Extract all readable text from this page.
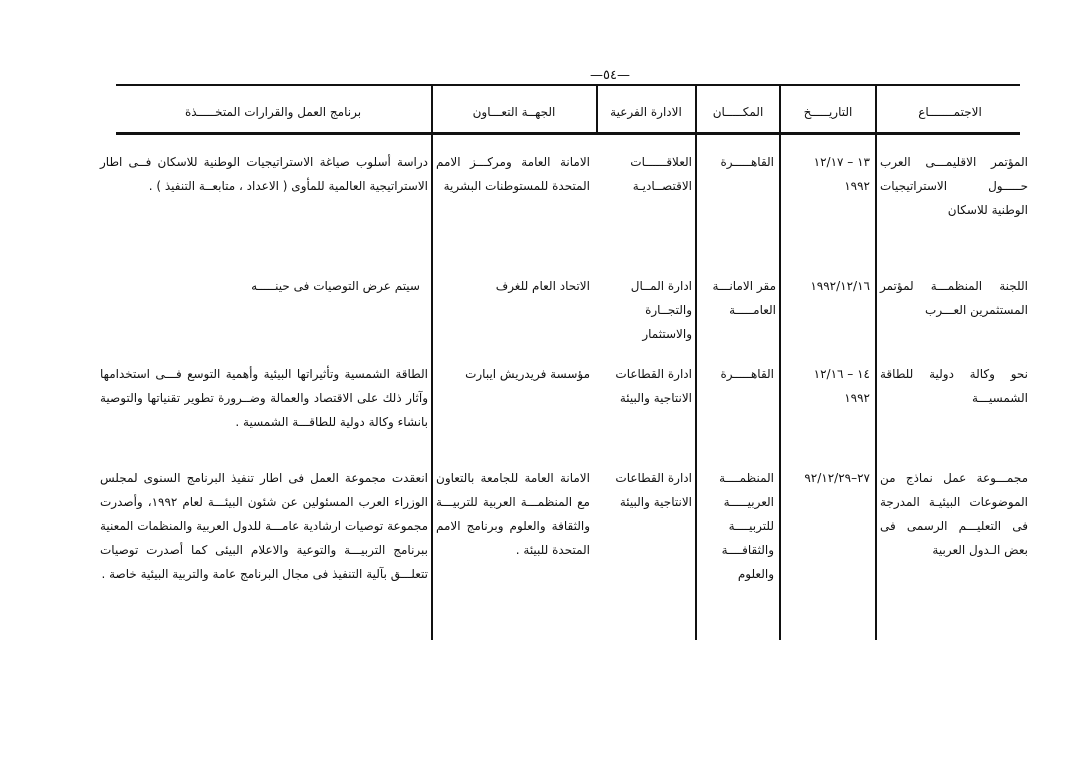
—٥٤—
الاجتمـــــــاع
التاريـــــخ
المكـــــان
الادارة الفرعية
الجهــة التعـــاون
برنامج العمل والقرارات المتخـــــذة
المؤتمر الاقليمـــى العرب حـــــول الاستراتيجيات الوطنية للاسكان
١٣ – ١٢/١٧ ١٩٩٢
القاهـــــرة
العلاقــــــات الاقتصــاديـة
الامانة العامة ومركـــز الامم المتحدة للمستوطنات البشرية
دراسة أسلوب صياغة الاستراتيجيات الوطنية للاسكان فــى اطار الاستراتيجية العالمية للمأوى ( الاعداد ، متابعــة التنفيذ ) .
اللجنة المنظمـــة لمؤتمر المستثمرين العـــرب
١٩٩٢/١٢/١٦
مقر الامانـــة العامـــــة
ادارة المــال والتجــارة والاستثمار
الاتحاد العام للغرف
سيتم عرض التوصيات فى حينـــــه
نحو وكالة دولية للطاقة الشمسيـــة
١٤ – ١٢/١٦ ١٩٩٢
القاهـــــرة
ادارة القطاعات الانتاجية والبيئة
مؤسسة فريدريش ايبارت
الطاقة الشمسية وتأثيراتها البيئية وأهمية التوسع فـــى استخدامها وآثار ذلك على الاقتصاد والعمالة وضــرورة تطوير تقنياتها والتوصية بانشاء وكالة دولية للطاقـــة الشمسية .
مجمـــوعة عمل نماذج من الموضوعات البيئيـة المدرجة فى التعليـــم الرسمى فى بعض الـدول العربية
٢٧–٩٢/١٢/٢٩
المنظمــــة العربيـــــة للتربيــــة والثقافــــة والعلوم
ادارة القطاعات الانتاجية والبيئة
الامانة العامة للجامعة بالتعاون مع المنظمـــة العربية للتربيـــة والثقافة والعلوم وبرنامج الامم المتحدة للبيئة .
انعقدت مجموعة العمل فى اطار تنفيذ البرنامج السنوى لمجلس الوزراء العرب المسئولين عن شئون البيئـــة لعام ١٩٩٢، وأصدرت مجموعة توصيات ارشادية عامـــة للدول العربية والمنظمات المعنية ببرنامج التربيـــة والتوعية والاعلام البيئى كما أصدرت توصيات تتعلـــق بآلية التنفيذ فى مجال البرنامج عامة والتربية البيئية خاصة .
